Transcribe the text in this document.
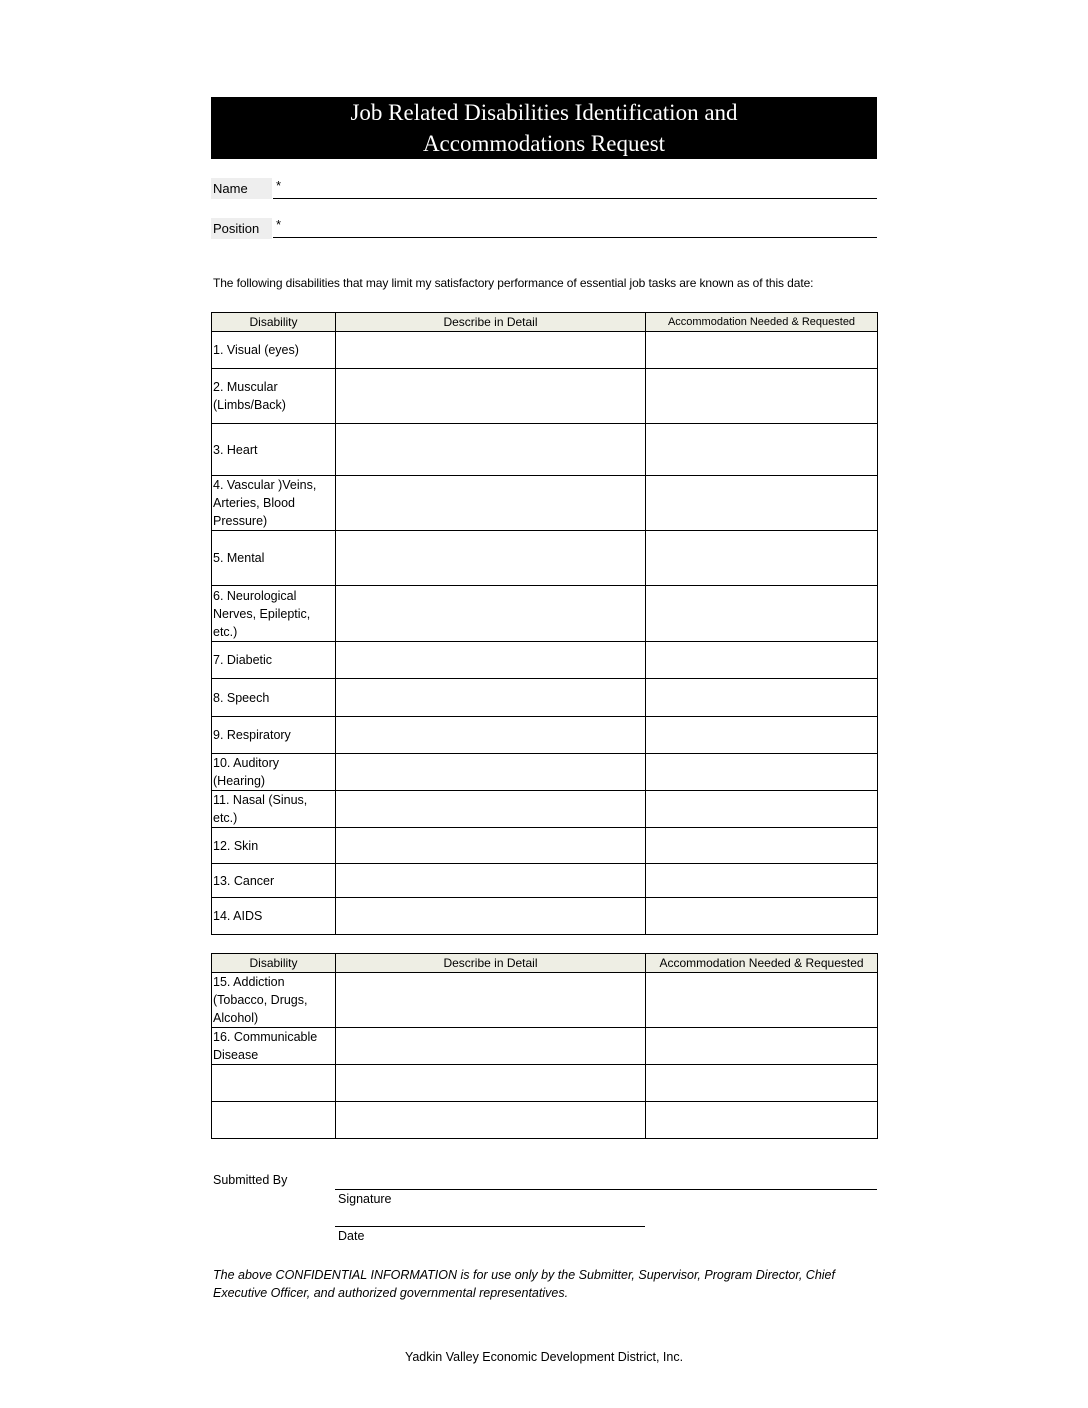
Job Related Disabilities Identification and
Accommodations Request
Name	*
Position	*
The following disabilities that may limit my satisfactory performance of essential job tasks are known as of this date:
Disability	Describe in Detail	Accommodation Needed & Requested
1. Visual (eyes)		
2. Muscular (Limbs/Back)		
3. Heart		
4. Vascular )Veins, Arteries, Blood Pressure)		
5. Mental		
6. Neurological Nerves, Epileptic, etc.)		
7. Diabetic		
8. Speech		
9. Respiratory		
10. Auditory (Hearing)		
11. Nasal (Sinus, etc.)		
12. Skin		
13. Cancer		
14. AIDS		
Disability	Describe in Detail	Accommodation Needed & Requested
15. Addiction (Tobacco, Drugs, Alcohol)		
16. Communicable Disease		

Submitted By
Signature
Date
The above CONFIDENTIAL INFORMATION is for use only by the Submitter, Supervisor, Program Director, Chief Executive Officer, and authorized governmental representatives.
Yadkin Valley Economic Development District, Inc.
